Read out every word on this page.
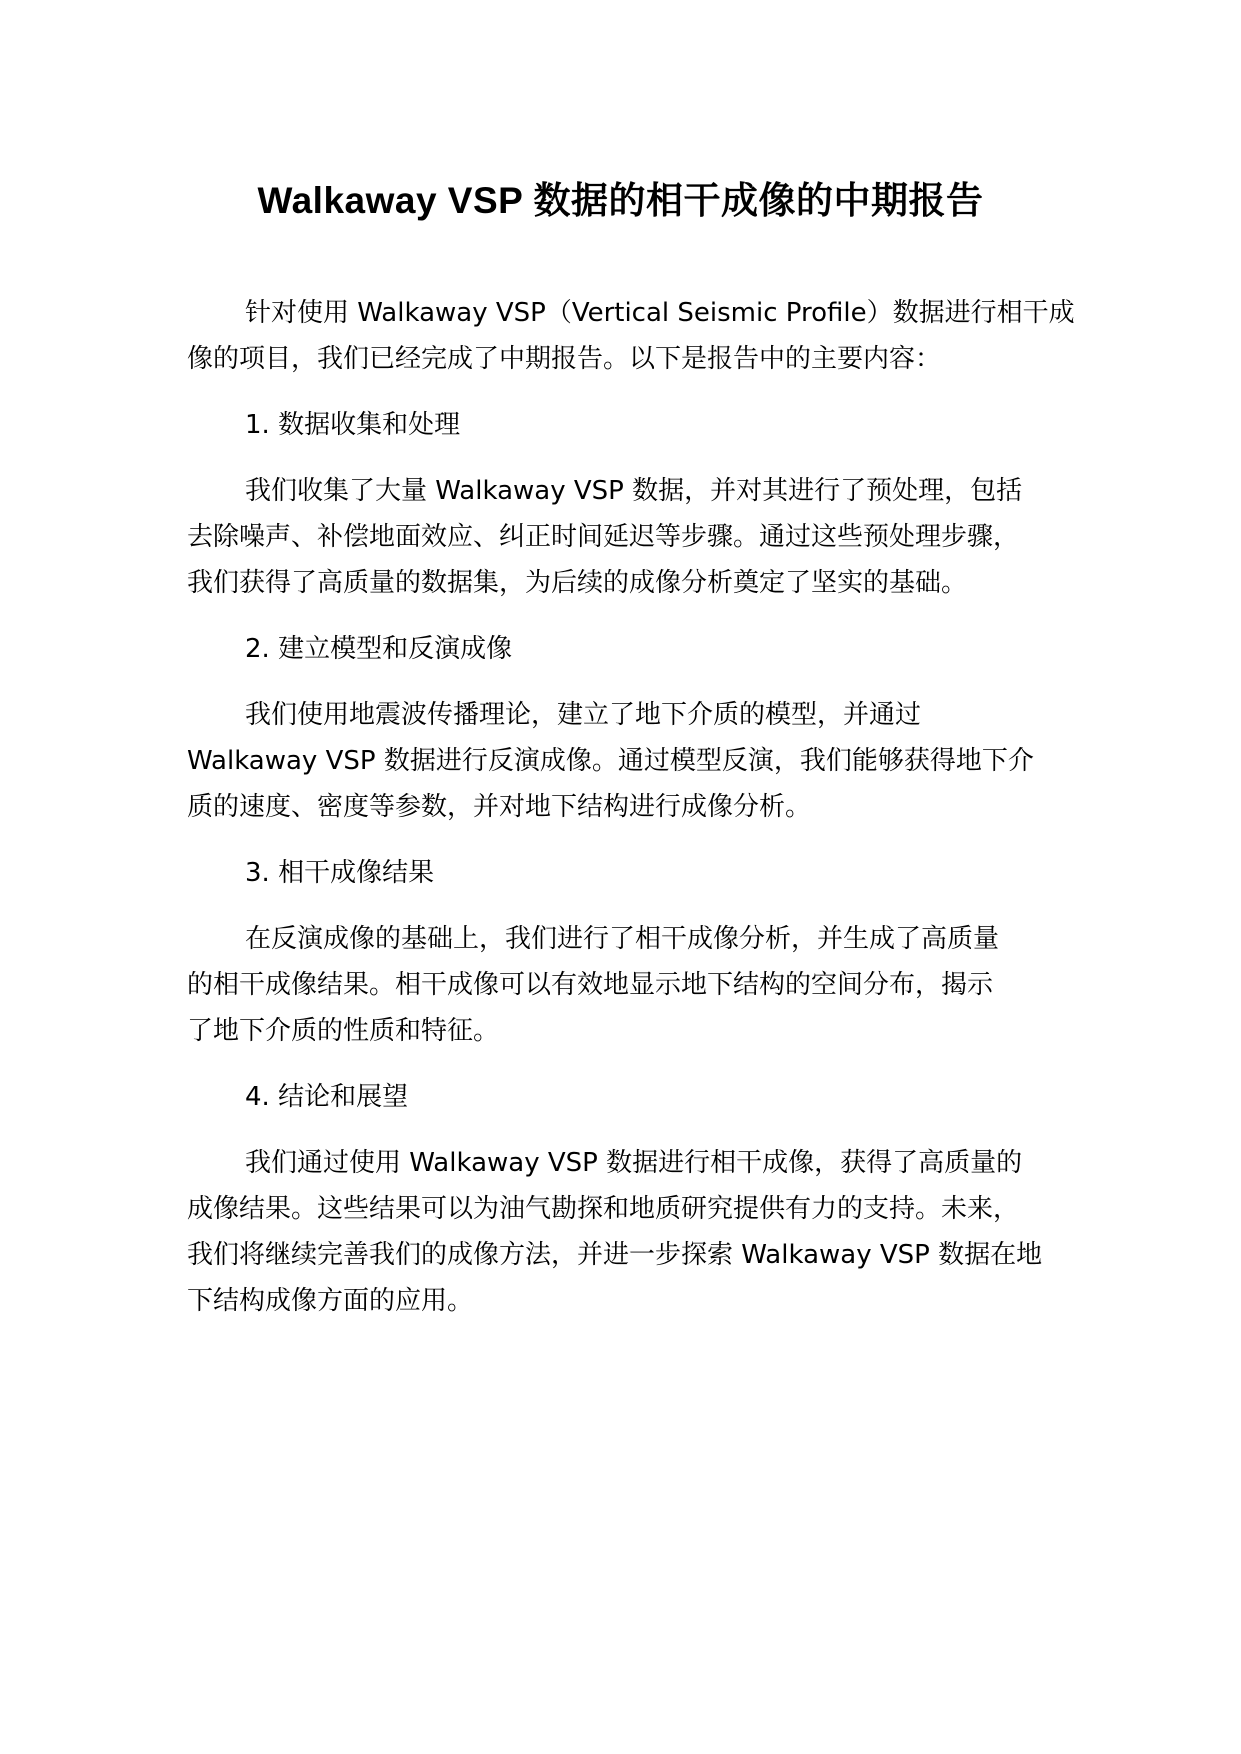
Walkaway VSP 数据的相干成像的中期报告
针对使用 Walkaway VSP（Vertical Seismic Profile）数据进行相干成
像的项目，我们已经完成了中期报告。以下是报告中的主要内容：
1. 数据收集和处理
我们收集了大量 Walkaway VSP 数据，并对其进行了预处理，包括
去除噪声、补偿地面效应、纠正时间延迟等步骤。通过这些预处理步骤，
我们获得了高质量的数据集，为后续的成像分析奠定了坚实的基础。
2. 建立模型和反演成像
我们使用地震波传播理论，建立了地下介质的模型，并通过
Walkaway VSP 数据进行反演成像。通过模型反演，我们能够获得地下介
质的速度、密度等参数，并对地下结构进行成像分析。
3. 相干成像结果
在反演成像的基础上，我们进行了相干成像分析，并生成了高质量
的相干成像结果。相干成像可以有效地显示地下结构的空间分布，揭示
了地下介质的性质和特征。
4. 结论和展望
我们通过使用 Walkaway VSP 数据进行相干成像，获得了高质量的
成像结果。这些结果可以为油气勘探和地质研究提供有力的支持。未来，
我们将继续完善我们的成像方法，并进一步探索 Walkaway VSP 数据在地
下结构成像方面的应用。
